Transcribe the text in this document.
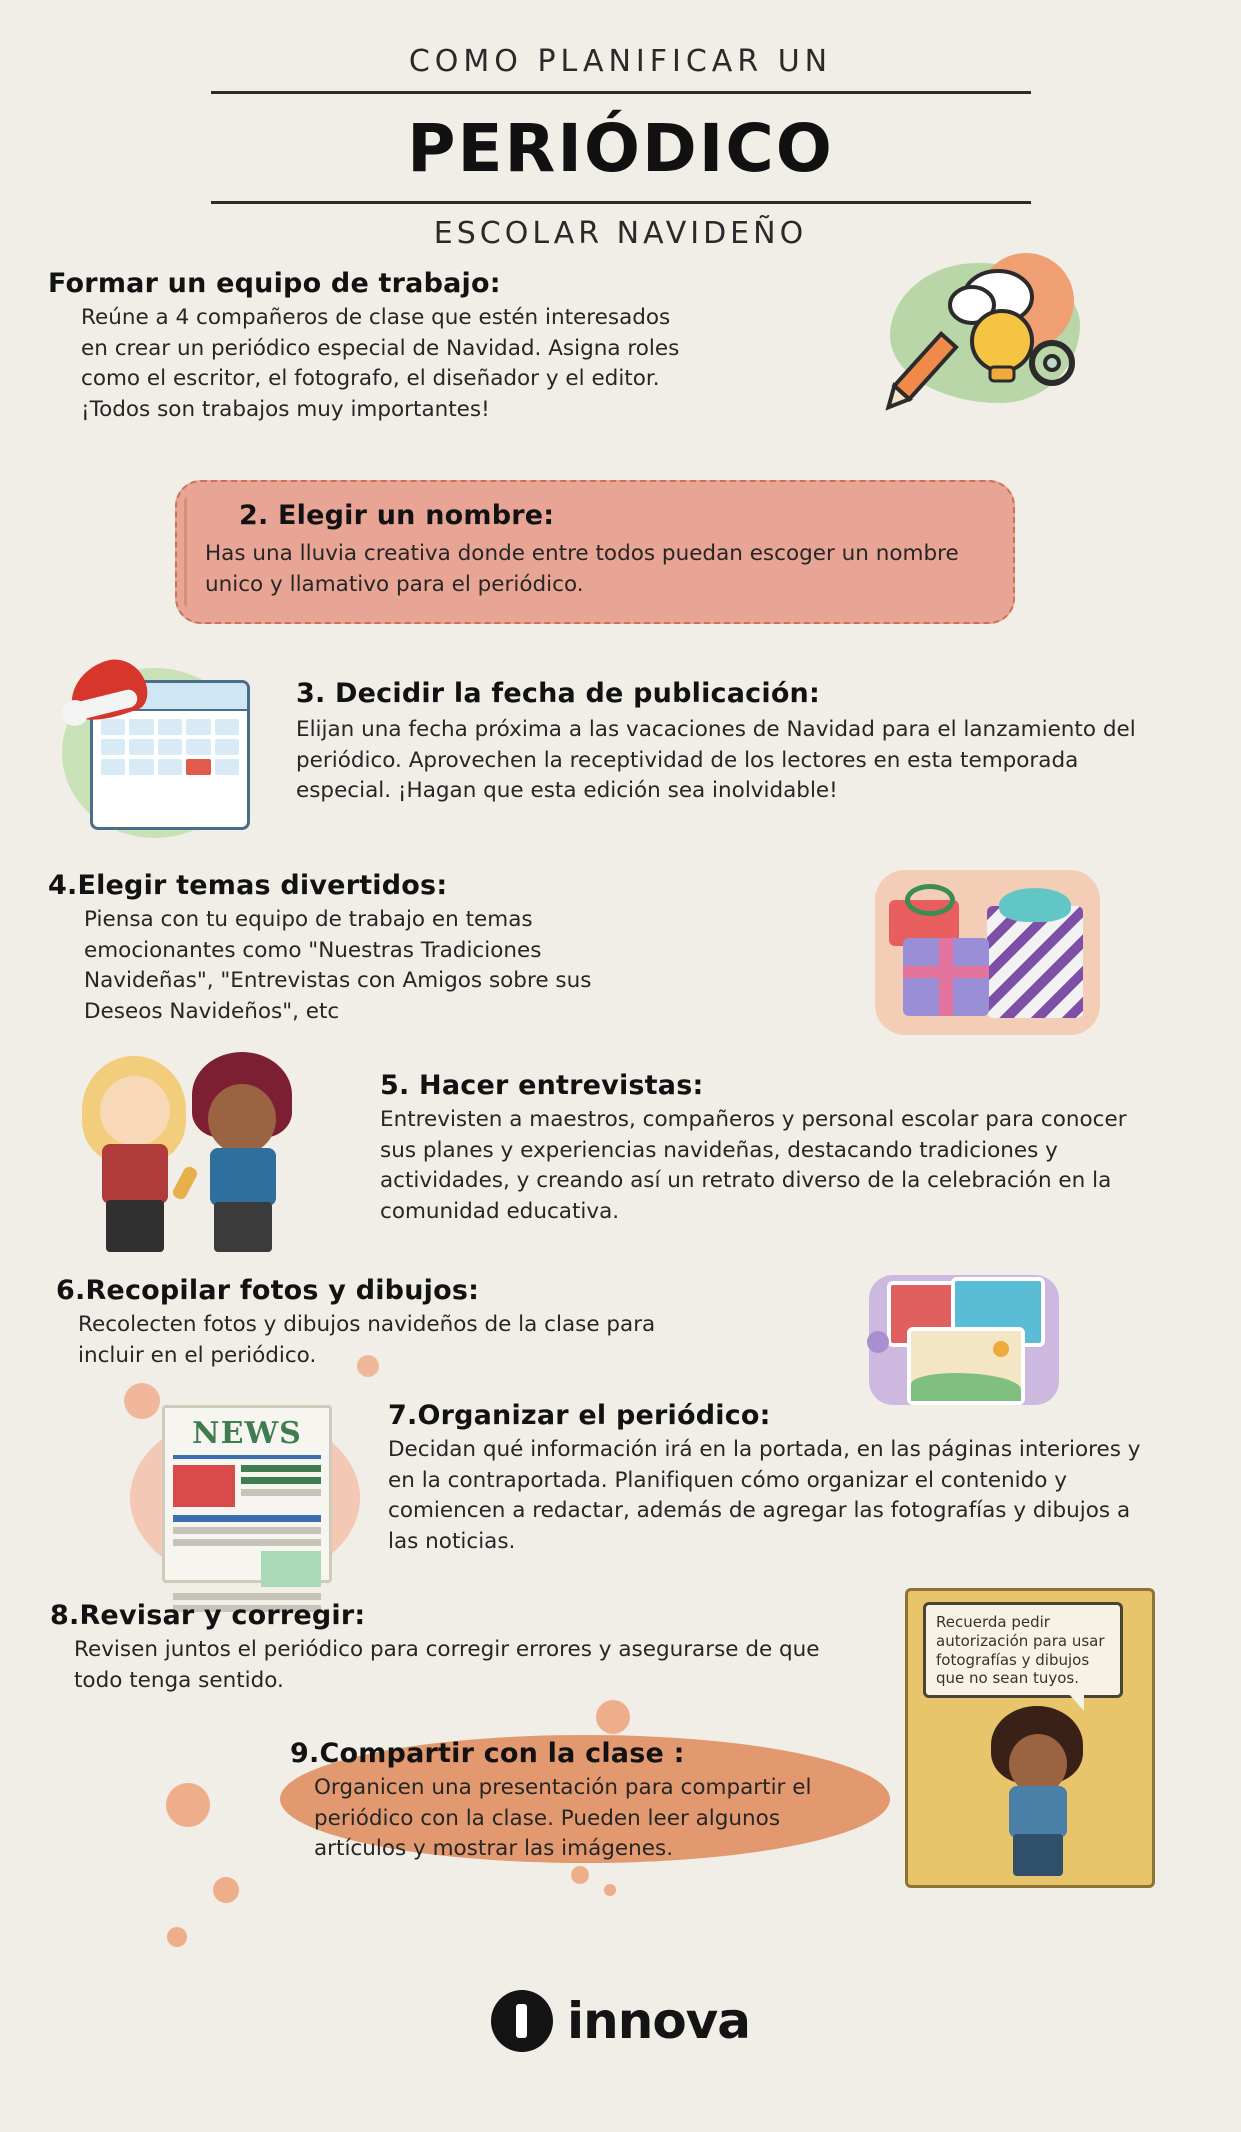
COMO PLANIFICAR UN
PERIÓDICO
ESCOLAR NAVIDEÑO
Formar un equipo de trabajo:
Reúne a 4 compañeros de clase que estén interesados en crear un periódico especial de Navidad. Asigna roles como el escritor, el fotografo, el diseñador y el editor. ¡Todos son trabajos muy importantes!
2. Elegir un nombre:
Has una lluvia creativa donde entre todos puedan escoger un nombre unico y llamativo para el periódico.
3. Decidir la fecha de publicación:
Elijan una fecha próxima a las vacaciones de Navidad para el lanzamiento del periódico. Aprovechen la receptividad de los lectores en esta temporada especial. ¡Hagan que esta edición sea inolvidable!
4.Elegir temas divertidos:
Piensa con tu equipo de trabajo en temas emocionantes como "Nuestras Tradiciones Navideñas", "Entrevistas con Amigos sobre sus Deseos Navideños", etc
5. Hacer entrevistas:
Entrevisten a maestros, compañeros y personal escolar para conocer sus planes y experiencias navideñas, destacando tradiciones y actividades, y creando así un retrato diverso de la celebración en la comunidad educativa.
6.Recopilar fotos y dibujos:
Recolecten fotos y dibujos navideños de la clase para incluir en el periódico.
NEWS
7.Organizar el periódico:
Decidan qué información irá en la portada, en las páginas interiores y en la contraportada. Planifiquen cómo organizar el contenido y comiencen a redactar, además de agregar las fotografías y dibujos a las noticias.
8.Revisar y corregir:
Revisen juntos el periódico para corregir errores y asegurarse de que todo tenga sentido.
Recuerda pedir autorización para usar fotografías y dibujos que no sean tuyos.
9.Compartir con la clase :
Organicen una presentación para compartir el periódico con la clase. Pueden leer algunos artículos y mostrar las imágenes.
innova
